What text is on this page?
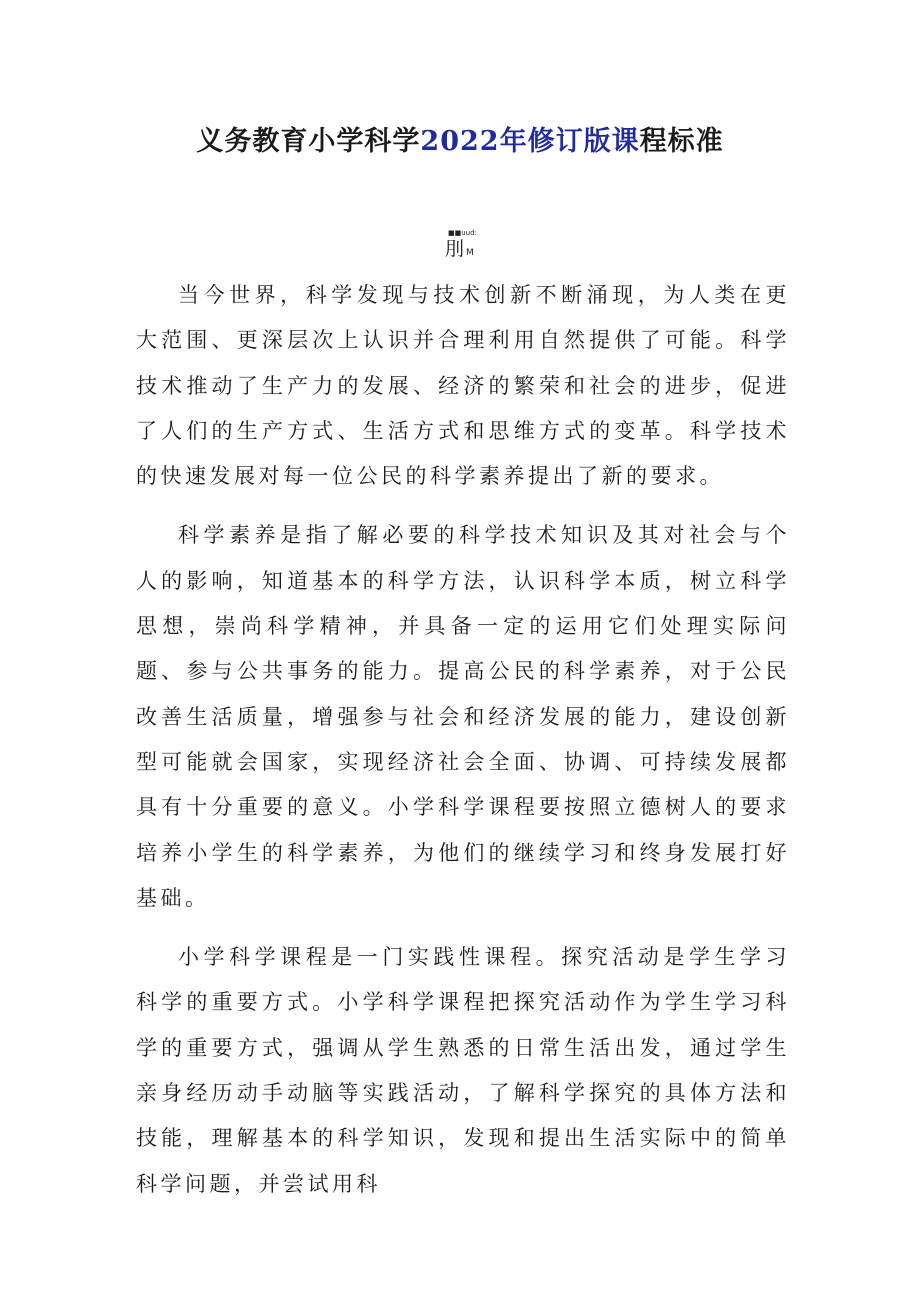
义务教育小学科学2022年修订版课程标准
■■uud:
刖 M

当今世界，科学发现与技术创新不断涌现，为人类在更大范围、更深层次上认识并合理利用自然提供了可能。科学技术推动了生产力的发展、经济的繁荣和社会的进步，促进了人们的生产方式、生活方式和思维方式的变革。科学技术的快速发展对每一位公民的科学素养提出了新的要求。

科学素养是指了解必要的科学技术知识及其对社会与个人的影响，知道基本的科学方法，认识科学本质，树立科学思想，崇尚科学精神，并具备一定的运用它们处理实际问题、参与公共事务的能力。提高公民的科学素养，对于公民改善生活质量，增强参与社会和经济发展的能力，建设创新型可能就会国家，实现经济社会全面、协调、可持续发展都具有十分重要的意义。小学科学课程要按照立德树人的要求培养小学生的科学素养，为他们的继续学习和终身发展打好基础。

小学科学课程是一门实践性课程。探究活动是学生学习科学的重要方式。小学科学课程把探究活动作为学生学习科学的重要方式，强调从学生熟悉的日常生活出发，通过学生亲身经历动手动脑等实践活动，了解科学探究的具体方法和技能，理解基本的科学知识，发现和提出生活实际中的简单科学问题，并尝试用科
